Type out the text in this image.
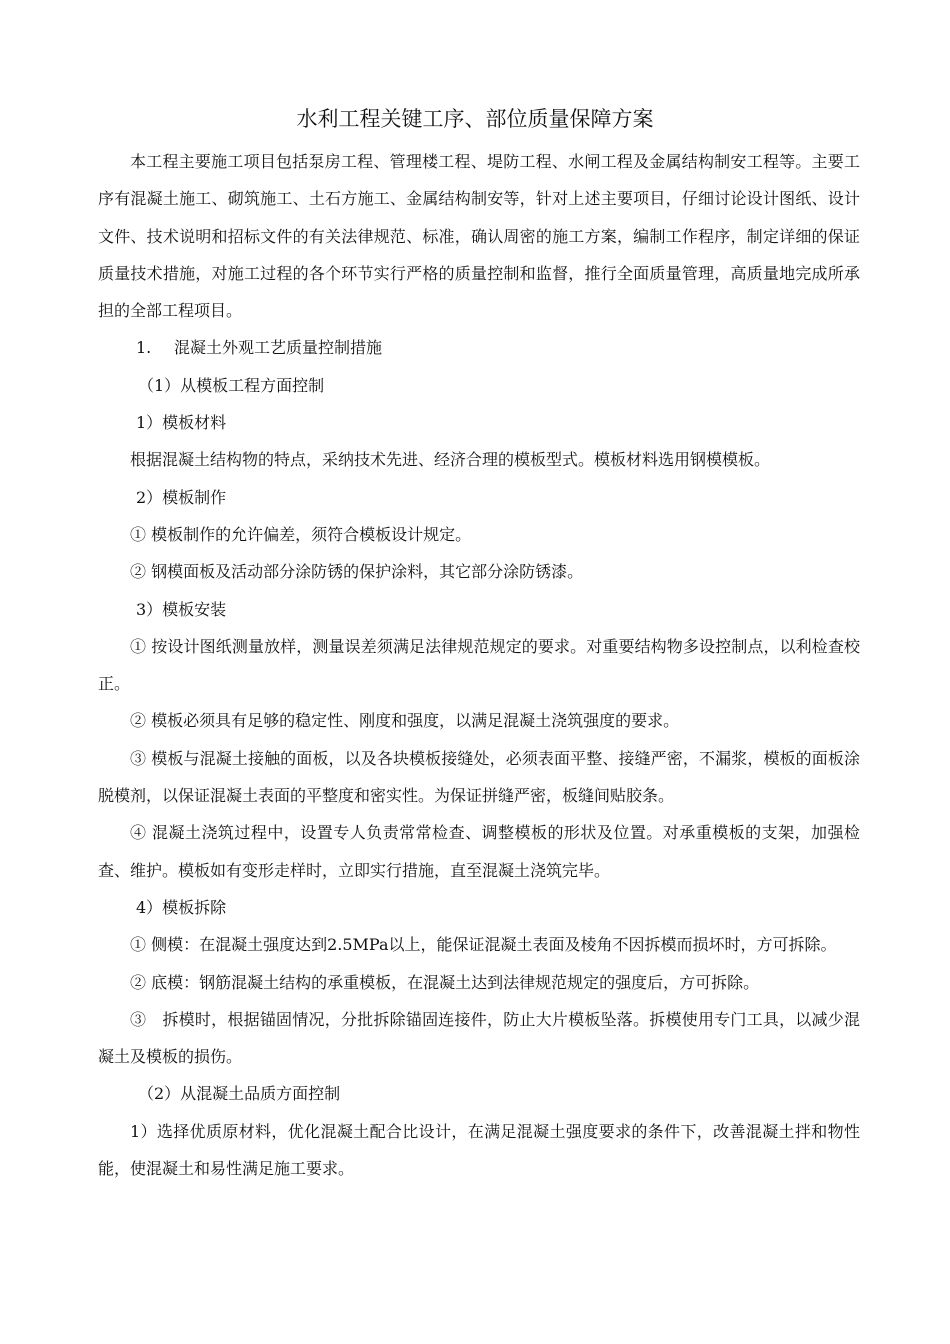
水利工程关键工序、部位质量保障方案

本工程主要施工项目包括泵房工程、管理楼工程、堤防工程、水闸工程及金属结构制安工程等。主要工序有混凝土施工、砌筑施工、土石方施工、金属结构制安等，针对上述主要项目，仔细讨论设计图纸、设计文件、技术说明和招标文件的有关法律规范、标准，确认周密的施工方案，编制工作程序，制定详细的保证质量技术措施，对施工过程的各个环节实行严格的质量控制和监督，推行全面质量管理，高质量地完成所承担的全部工程项目。

1. 混凝土外观工艺质量控制措施

（1）从模板工程方面控制

1）模板材料

根据混凝土结构物的特点，采纳技术先进、经济合理的模板型式。模板材料选用钢模模板。

2）模板制作

① 模板制作的允许偏差，须符合模板设计规定。

② 钢模面板及活动部分涂防锈的保护涂料，其它部分涂防锈漆。

3）模板安装

① 按设计图纸测量放样，测量误差须满足法律规范规定的要求。对重要结构物多设控制点，以利检查校正。

② 模板必须具有足够的稳定性、刚度和强度，以满足混凝土浇筑强度的要求。

③ 模板与混凝土接触的面板，以及各块模板接缝处，必须表面平整、接缝严密，不漏浆，模板的面板涂脱模剂，以保证混凝土表面的平整度和密实性。为保证拼缝严密，板缝间贴胶条。

④ 混凝土浇筑过程中，设置专人负责常常检查、调整模板的形状及位置。对承重模板的支架，加强检查、维护。模板如有变形走样时，立即实行措施，直至混凝土浇筑完毕。

4）模板拆除

① 侧模：在混凝土强度达到2.5MPa以上，能保证混凝土表面及棱角不因拆模而损坏时，方可拆除。

② 底模：钢筋混凝土结构的承重模板，在混凝土达到法律规范规定的强度后，方可拆除。

③　拆模时，根据锚固情况，分批拆除锚固连接件，防止大片模板坠落。拆模使用专门工具，以减少混凝土及模板的损伤。

（2）从混凝土品质方面控制

1）选择优质原材料，优化混凝土配合比设计，在满足混凝土强度要求的条件下，改善混凝土拌和物性能，使混凝土和易性满足施工要求。
